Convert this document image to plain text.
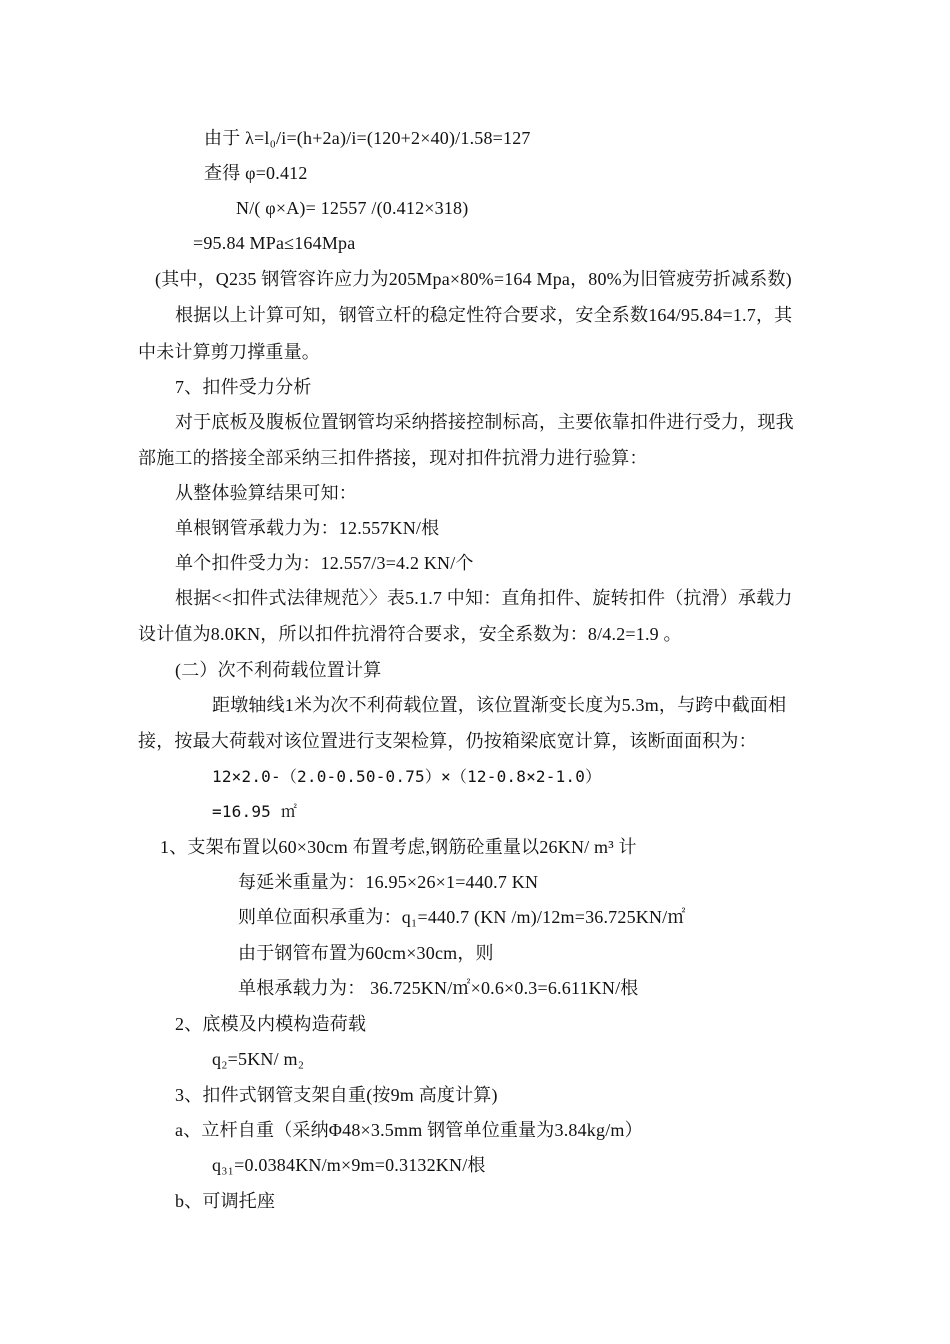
由于 λ=l₀/i=(h+2a)/i=(120+2×40)/1.58=127
查得 φ=0.412
N/( φ×A)= 12557 /(0.412×318)
=95.84 MPa≤164Mpa
(其中，Q235 钢管容许应力为205Mpa×80%=164 Mpa，80%为旧管疲劳折减系数)
根据以上计算可知，钢管立杆的稳定性符合要求，安全系数164/95.84=1.7，其
中未计算剪刀撑重量。
7、扣件受力分析
对于底板及腹板位置钢管均采纳搭接控制标高，主要依靠扣件进行受力，现我
部施工的搭接全部采纳三扣件搭接，现对扣件抗滑力进行验算：
从整体验算结果可知：
单根钢管承载力为：12.557KN/根
单个扣件受力为：12.557/3=4.2 KN/个
根据<<扣件式法律规范〉〉表5.1.7 中知：直角扣件、旋转扣件（抗滑）承载力
设计值为8.0KN，所以扣件抗滑符合要求，安全系数为：8/4.2=1.9 。
(二）次不利荷载位置计算
距墩轴线1米为次不利荷载位置，该位置渐变长度为5.3m，与跨中截面相
接，按最大荷载对该位置进行支架检算，仍按箱梁底宽计算，该断面面积为：
12×2.0-（2.0-0.50-0.75）×（12-0.8×2-1.0）
=16.95 ㎡
1、支架布置以60×30cm 布置考虑,钢筋砼重量以26KN/ m³ 计
每延米重量为：16.95×26×1=440.7 KN
则单位面积承重为：q₁=440.7 (KN /m)/12m=36.725KN/㎡
由于钢管布置为60cm×30cm，则
单根承载力为： 36.725KN/㎡×0.6×0.3=6.611KN/根
2、底模及内模构造荷载
q₂=5KN/ m₂
3、扣件式钢管支架自重(按9m 高度计算)
a、立杆自重（采纳Φ48×3.5mm 钢管单位重量为3.84kg/m）
q₃₁=0.0384KN/m×9m=0.3132KN/根
b、可调托座
